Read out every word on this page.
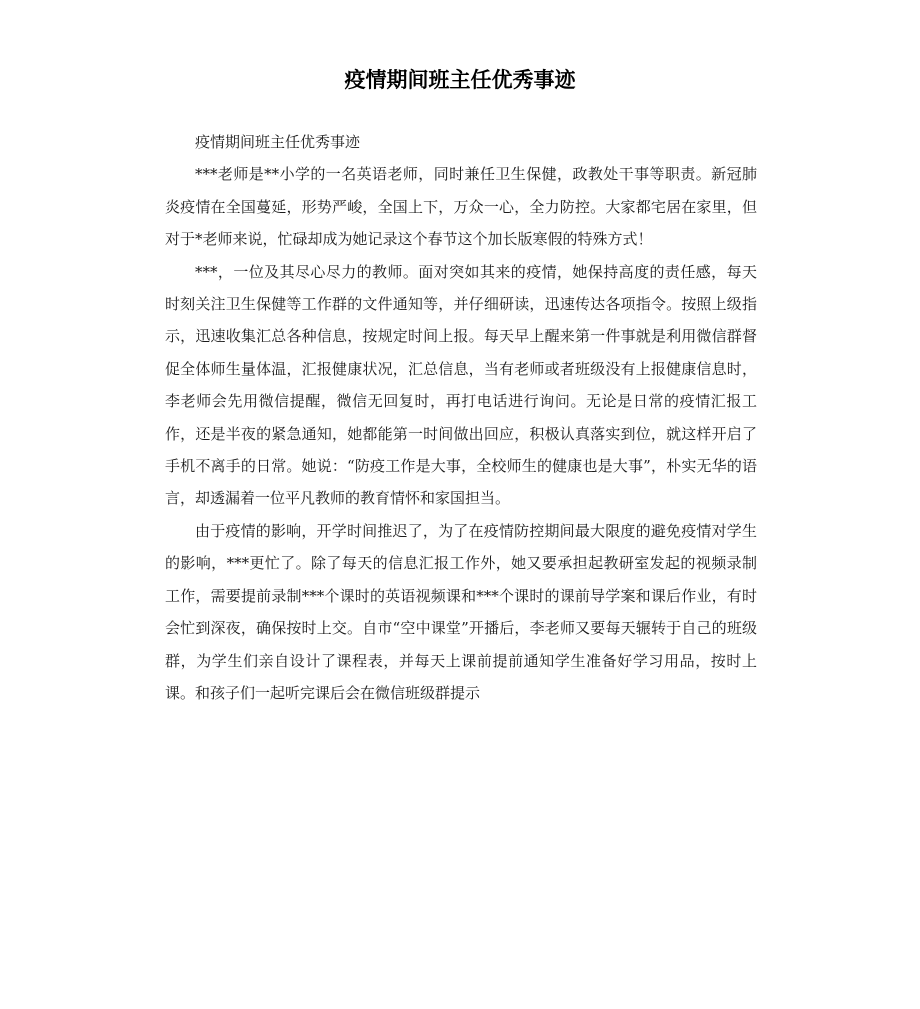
疫情期间班主任优秀事迹

疫情期间班主任优秀事迹

***老师是**小学的一名英语老师，同时兼任卫生保健，政教处干事等职责。新冠肺炎疫情在全国蔓延，形势严峻，全国上下，万众一心，全力防控。大家都宅居在家里，但对于*老师来说，忙碌却成为她记录这个春节这个加长版寒假的特殊方式！

***，一位及其尽心尽力的教师。面对突如其来的疫情，她保持高度的责任感，每天时刻关注卫生保健等工作群的文件通知等，并仔细研读，迅速传达各项指令。按照上级指示，迅速收集汇总各种信息，按规定时间上报。每天早上醒来第一件事就是利用微信群督促全体师生量体温，汇报健康状况，汇总信息，当有老师或者班级没有上报健康信息时，李老师会先用微信提醒，微信无回复时，再打电话进行询问。无论是日常的疫情汇报工作，还是半夜的紧急通知，她都能第一时间做出回应，积极认真落实到位，就这样开启了手机不离手的日常。她说：“防疫工作是大事，全校师生的健康也是大事”，朴实无华的语言，却透漏着一位平凡教师的教育情怀和家国担当。

由于疫情的影响，开学时间推迟了，为了在疫情防控期间最大限度的避免疫情对学生的影响，***更忙了。除了每天的信息汇报工作外，她又要承担起教研室发起的视频录制工作，需要提前录制***个课时的英语视频课和***个课时的课前导学案和课后作业，有时会忙到深夜，确保按时上交。自市“空中课堂”开播后，李老师又要每天辗转于自己的班级群，为学生们亲自设计了课程表，并每天上课前提前通知学生准备好学习用品，按时上课。和孩子们一起听完课后会在微信班级群提示
